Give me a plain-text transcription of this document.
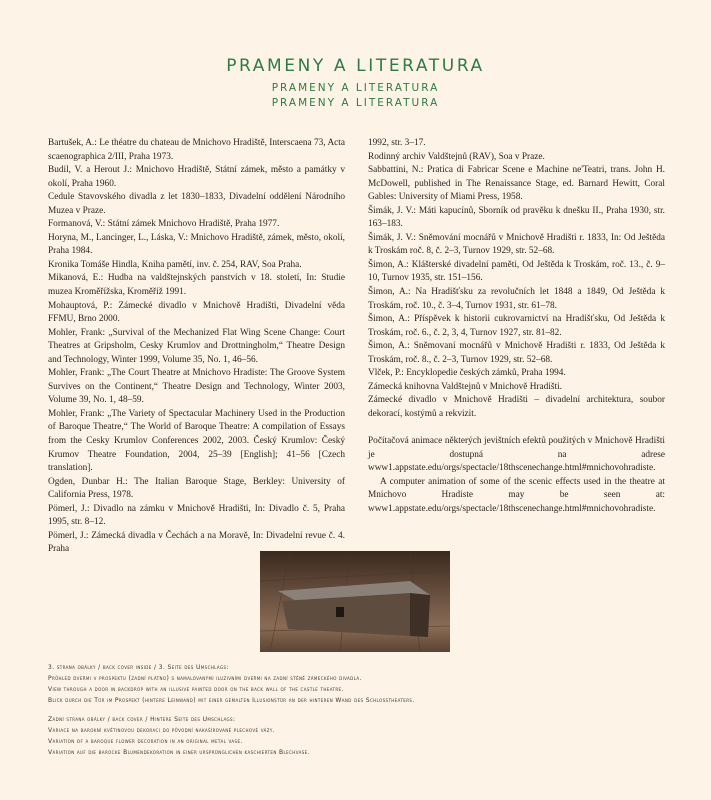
PRAMENY A LITERATURA
PRAMENY A LITERATURA
PRAMENY A LITERATURA

Bartušek, A.: Le théatre du chateau de Mnichovo Hradiště, Interscaena 73, Acta scaenographica 2/III, Praha 1973.

Budil, V. a Herout J.: Mnichovo Hradiště, Státní zámek, město a památky v okolí, Praha 1960.

Cedule Stavovského divadla z let 1830–1833, Divadelní oddělení Národního Muzea v Praze.

Formanová, V.: Státní zámek Mnichovo Hradiště, Praha 1977.

Horyna, M., Lancinger, L., Láska, V.: Mnichovo Hradiště, zámek, město, okolí, Praha 1984.

Kronika Tomáše Hindla, Kniha pamětí, inv. č. 254, RAV, Soa Praha.

Mikanová, E.: Hudba na valdštejnských panstvích v 18. století, In: Studie muzea Kroměřížska, Kroměříž 1991.

Mohauptová, P.: Zámecké divadlo v Mnichově Hradišti, Divadelní věda FFMU, Brno 2000.

Mohler, Frank: „Survival of the Mechanized Flat Wing Scene Change: Court Theatres at Gripsholm, Cesky Krumlov and Drottningholm,“ Theatre Design and Technology, Winter 1999, Volume 35, No. 1, 46–56.

Mohler, Frank: „The Court Theatre at Mnichovo Hradiste: The Groove System Survives on the Continent,“ Theatre Design and Technology, Winter 2003, Volume 39, No. 1, 48–59.

Mohler, Frank: „The Variety of Spectacular Machinery Used in the Production of Baroque Theatre,“ The World of Baroque Theatre: A compilation of Essays from the Cesky Krumlov Conferences 2002, 2003. Český Krumlov: Český Krumov Theatre Foundation, 2004, 25–39 [English]; 41–56 [Czech translation].

Ogden, Dunbar H.: The Italian Baroque Stage, Berkley: University of California Press, 1978.

Pömerl, J.: Divadlo na zámku v Mnichově Hradišti, In: Divadlo č. 5, Praha 1995, str. 8–12.

Pömerl, J.: Zámecká divadla v Čechách a na Moravě, In: Divadelní revue č. 4. Praha

1992, str. 3–17.

Rodinný archiv Valdštejnů (RAV), Soa v Praze.

Sabbattini, N.: Pratica di Fabricar Scene e Machine ne'Teatri, trans. John H. McDowell, published in The Renaissance Stage, ed. Barnard Hewitt, Coral Gables: University of Miami Press, 1958.

Šimák, J. V.: Máti kapucínů, Sborník od pravěku k dnešku II., Praha 1930, str. 163–183.

Šimák, J. V.: Sněmování mocnářů v Mnichově Hradišti r. 1833, In: Od Ještěda k Troskám roč. 8, č. 2–3, Turnov 1929, str. 52–68.

Šimon, A.: Klášterské divadelní paměti, Od Ještěda k Troskám, roč. 13., č. 9–10, Turnov 1935, str. 151–156.

Šimon, A.: Na Hradišťsku za revolučních let 1848 a 1849, Od Ještěda k Troskám, roč. 10., č. 3–4, Turnov 1931, str. 61–78.

Šimon, A.: Příspěvek k historii cukrovarnictví na Hradišťsku, Od Ještěda k Troskám, roč. 6., č. 2, 3, 4, Turnov 1927, str. 81–82.

Šimon, A.: Sněmovaní mocnářů v Mnichově Hradišti r. 1833, Od Ještěda k Troskám, roč. 8., č. 2–3, Turnov 1929, str. 52–68.

Vlček, P.: Encyklopedie českých zámků, Praha 1994.

Zámecká knihovna Valdštejnů v Mnichově Hradišti.

Zámecké divadlo v Mnichově Hradišti – divadelní architektura, soubor dekorací, kostýmů a rekvizit.

Počítačová animace některých jevištních efektů použitých v Mnichově Hradišti je dostupná na adrese www1.appstate.edu/orgs/spectacle/18thscenechange.html#mnichovohradiste.

A computer animation of some of the scenic effects used in the theatre at Mnichovo Hradiste may be seen at: www1.appstate.edu/orgs/spectacle/18thscenechange.html#mnichovohradiste.

3. strana obálky / back cover inside / 3. Seite des Umschlags:

Průhled dveřmi v prospektu (zadní plátno) s namalovanými iluzivními dveřmi na zadní stěně zámeckého divadla.

View through a door in backdrop with an illusive painted door on the back wall of the castle theatre.

Blick durch die Tür im Prospekt (hintere Leinwand) mit einer gemalten Illusionstür an der hinteren Wand des Schlosstheaters.

Zadní strana obálky / back cover / Hintere Seite des Umschlags:

Variace na barokní květinovou dekoraci do původní nakašírované plechové vázy.

Variation of a baroque flower decoration in an original metal vase.

Variation auf die barocke Blumendekoration in einer ursprünglichen kaschierten Blechvase.
